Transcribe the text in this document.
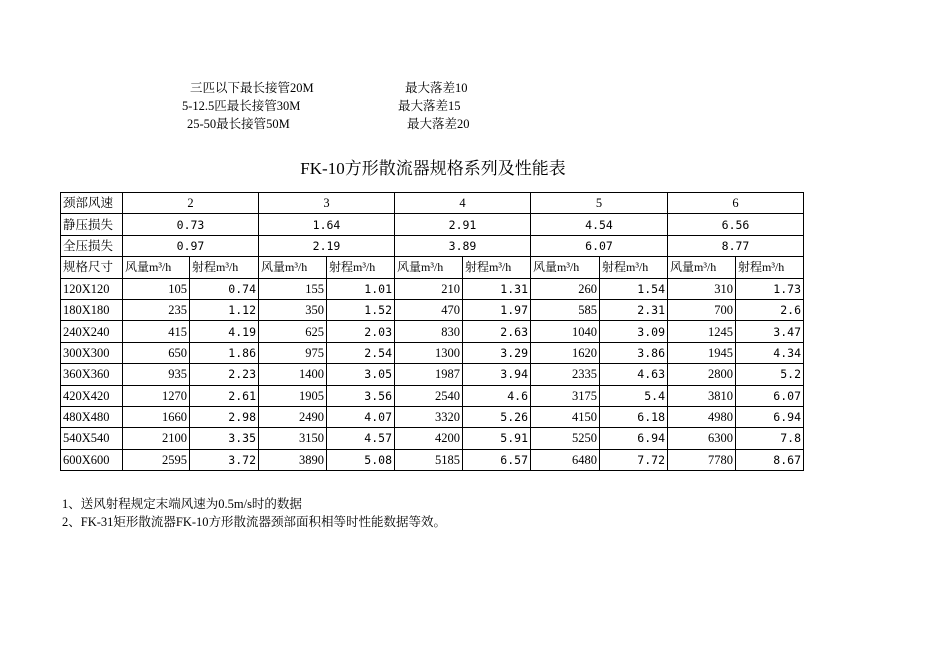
三匹以下最长接管20M	最大落差10
5-12.5匹最长接管30M	最大落差15
25-50最长接管50M	最大落差20
FK-10方形散流器规格系列及性能表
颈部风速	2		3		4		5		6	
静压损失	0.73		1.64		2.91		4.54		6.56	
全压损失	0.97		2.19		3.89		6.07		8.77	
规格尺寸	风量m³/h	射程m³/h	风量m³/h	射程m³/h	风量m³/h	射程m³/h	风量m³/h	射程m³/h	风量m³/h	射程m³/h
120X120	105	0.74	155	1.01	210	1.31	260	1.54	310	1.73
180X180	235	1.12	350	1.52	470	1.97	585	2.31	700	2.6
240X240	415	4.19	625	2.03	830	2.63	1040	3.09	1245	3.47
300X300	650	1.86	975	2.54	1300	3.29	1620	3.86	1945	4.34
360X360	935	2.23	1400	3.05	1987	3.94	2335	4.63	2800	5.2
420X420	1270	2.61	1905	3.56	2540	4.6	3175	5.4	3810	6.07
480X480	1660	2.98	2490	4.07	3320	5.26	4150	6.18	4980	6.94
540X540	2100	3.35	3150	4.57	4200	5.91	5250	6.94	6300	7.8
600X600	2595	3.72	3890	5.08	5185	6.57	6480	7.72	7780	8.67
1、送风射程规定末端风速为0.5m/s时的数据
2、FK-31矩形散流器FK-10方形散流器颈部面积相等时性能数据等效。
